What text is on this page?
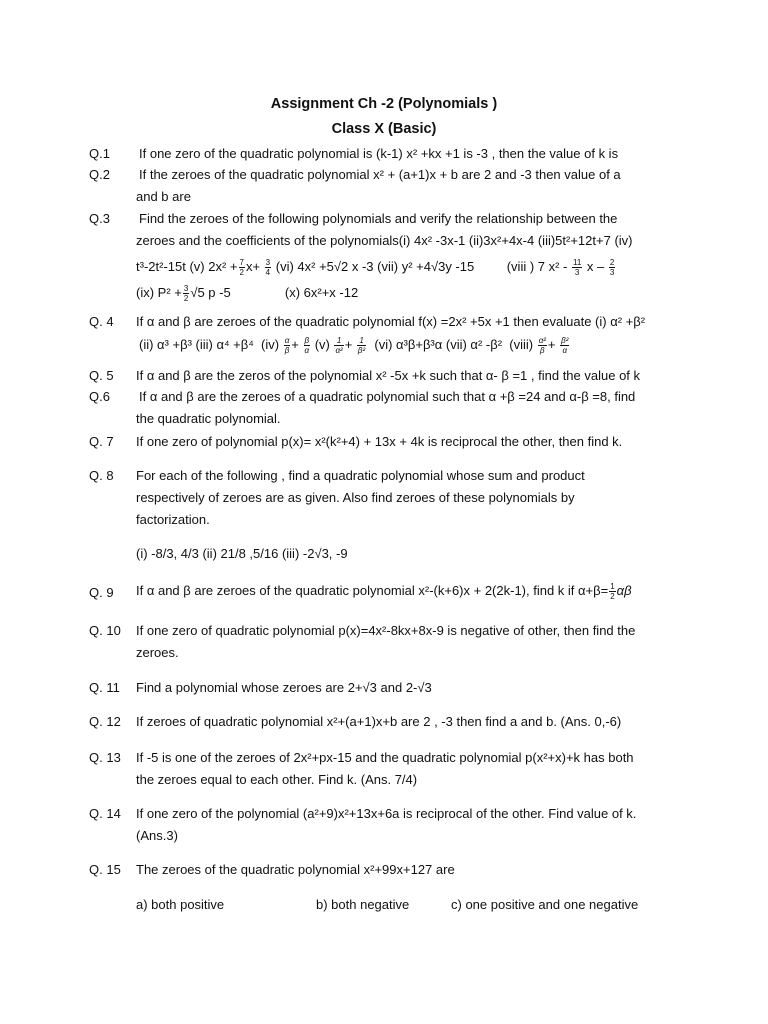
Assignment Ch -2 (Polynomials )
Class X (Basic)
Q.1 If one zero of the quadratic polynomial is (k-1) x² +kx +1 is -3 , then the value of k is
Q.2 If the zeroes of the quadratic polynomial x² + (a+1)x + b are 2 and -3 then value of a
and b are
Q.3 Find the zeroes of the following polynomials and verify the relationship between the
zeroes and the coefficients of the polynomials(i) 4x² -3x-1 (ii)3x²+4x-4 (iii)5t²+12t+7 (iv)
t³-2t²-15t (v) $2x^2 + \frac{7}{2} x+ \frac{3}{4} (vi)$ 4x² +5√2 x -3 (vii) y² +4√3y -15         (viii ) 7 $x^2 - \frac{11}{3}$ x – $\frac{2}{3}$
(ix) $P^2 + \frac{3}{2} √5$ p -5               (x) 6x²+x -12
Q. 4 If α and β are zeroes of the quadratic polynomial f(x) =2x² +5x +1 then evaluate (i) α² +β²
(ii) α³ +β³ (iii) α⁴ +β⁴  $(iv) \frac{\alpha}{\beta} + \frac{\beta}{\alpha} (v) \frac{1}{\text{α²}} + \frac{1}{\text{β²}} (vi)$ α³β+β³α (vii) α² -β²  (viii) $\frac{\text{α²}}{\beta} + \frac{\text{β²}}{\alpha}$
Q. 5 If α and β are the zeros of the polynomial x² -5x +k such that α- β =1 , find the value of k
Q.6 If α and β are the zeroes of a quadratic polynomial such that α +β =24 and α-β =8, find
the quadratic polynomial.
Q. 7 If one zero of polynomial p(x)= x²(k²+4) + 13x + 4k is reciprocal the other, then find k.
Q. 8 For each of the following , find a quadratic polynomial whose sum and product
respectively of zeroes are as given. Also find zeroes of these polynomials by
factorization.
(i) -8/3, 4/3 (ii) 21/8 ,5/16 (iii) -2√3, -9
Q. 9 If α and β are zeroes of the quadratic polynomial x²-(k+6)x + 2(2k-1), find k if $\alpha+\beta= \frac{1}{2}$ αβ
Q. 10 If one zero of quadratic polynomial p(x)=4x²-8kx+8x-9 is negative of other, then find the
zeroes.
Q. 11 Find a polynomial whose zeroes are 2+√3 and 2-√3
Q. 12 If zeroes of quadratic polynomial x²+(a+1)x+b are 2 , -3 then find a and b. (Ans. 0,-6)
Q. 13 If -5 is one of the zeroes of 2x²+px-15 and the quadratic polynomial p(x²+x)+k has both
the zeroes equal to each other. Find k. (Ans. 7/4)
Q. 14 If one zero of the polynomial (a²+9)x²+13x+6a is reciprocal of the other. Find value of k.
(Ans.3)
Q. 15 The zeroes of the quadratic polynomial x²+99x+127 are
a) both positive	b) both negative	c) one positive and one negative
